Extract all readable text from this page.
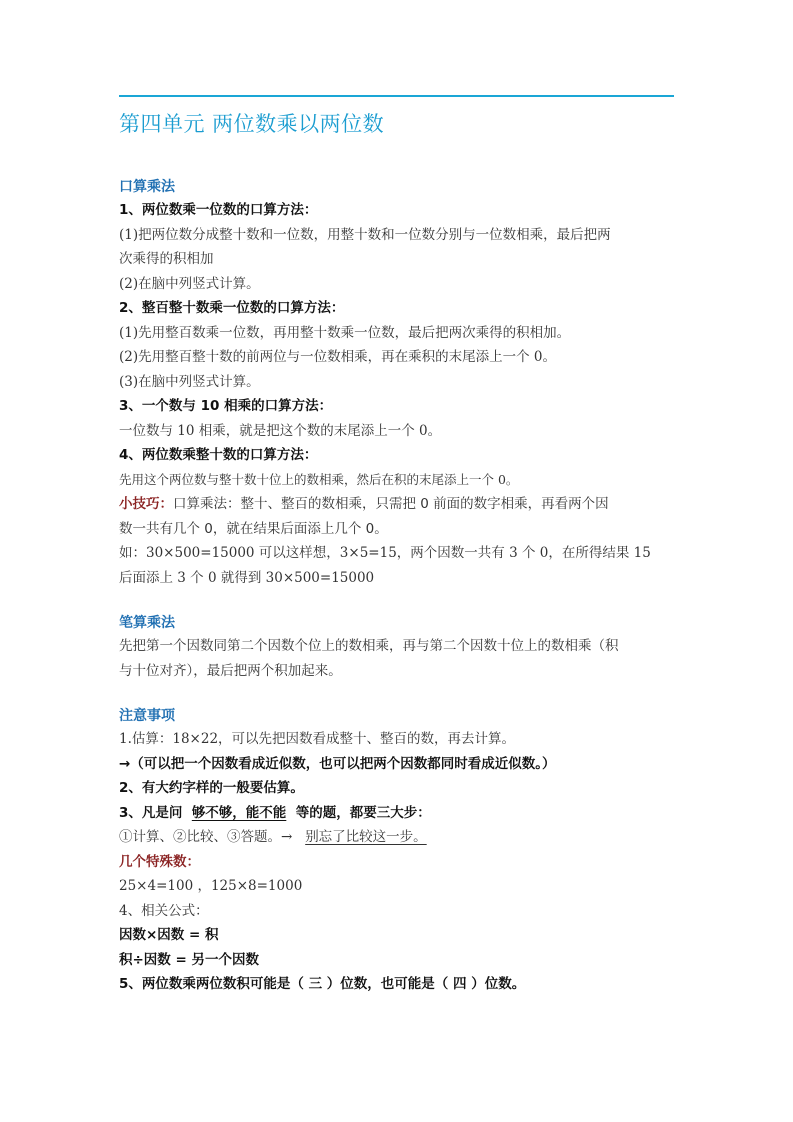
第四单元 两位数乘以两位数
口算乘法
1、两位数乘一位数的口算方法：
(1)把两位数分成整十数和一位数，用整十数和一位数分别与一位数相乘，最后把两
次乘得的积相加
(2)在脑中列竖式计算。
2、整百整十数乘一位数的口算方法：
(1)先用整百数乘一位数，再用整十数乘一位数，最后把两次乘得的积相加。
(2)先用整百整十数的前两位与一位数相乘，再在乘积的末尾添上一个 0。
(3)在脑中列竖式计算。
3、一个数与 10 相乘的口算方法：
一位数与 10 相乘，就是把这个数的末尾添上一个 0。
4、两位数乘整十数的口算方法：
先用这个两位数与整十数十位上的数相乘，然后在积的末尾添上一个 0。
小技巧：口算乘法：整十、整百的数相乘，只需把 0 前面的数字相乘，再看两个因
数一共有几个 0，就在结果后面添上几个 0。
如：30×500=15000 可以这样想，3×5=15，两个因数一共有 3 个 0，在所得结果 15
后面添上 3 个 0 就得到 30×500=15000
笔算乘法
先把第一个因数同第二个因数个位上的数相乘，再与第二个因数十位上的数相乘（积
与十位对齐），最后把两个积加起来。
注意事项
1.估算：18×22，可以先把因数看成整十、整百的数，再去计算。
→（可以把一个因数看成近似数，也可以把两个因数都同时看成近似数。）
2、有大约字样的一般要估算。
3、凡是问 够不够，能不能 等的题，都要三大步：
①计算、②比较、③答题。→ 别忘了比较这一步。
几个特殊数：
25×4=100 ，125×8=1000
4、相关公式：
因数×因数 = 积
积÷因数 = 另一个因数
5、两位数乘两位数积可能是（ 三 ）位数，也可能是（ 四 ）位数。
